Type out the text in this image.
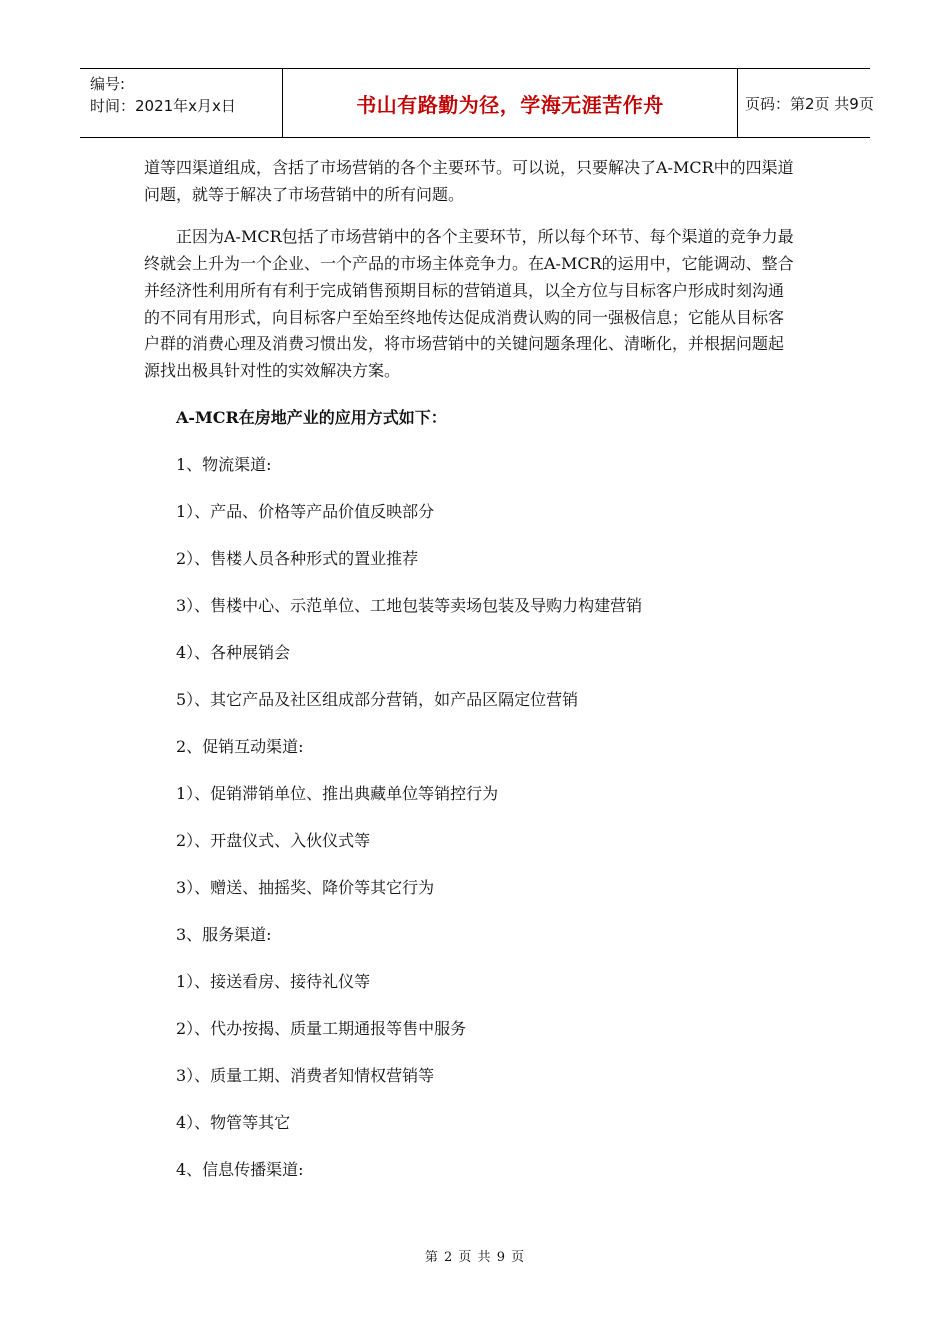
编号:
时间：2021年x月x日	书山有路勤为径，学海无涯苦作舟	页码：第2页 共9页

道等四渠道组成，含括了市场营销的各个主要环节。可以说，只要解决了A-MCR中的四渠道问题，就等于解决了市场营销中的所有问题。

正因为A-MCR包括了市场营销中的各个主要环节，所以每个环节、每个渠道的竞争力最终就会上升为一个企业、一个产品的市场主体竞争力。在A-MCR的运用中，它能调动、整合并经济性利用所有有利于完成销售预期目标的营销道具，以全方位与目标客户形成时刻沟通的不同有用形式，向目标客户至始至终地传达促成消费认购的同一强极信息；它能从目标客户群的消费心理及消费习惯出发，将市场营销中的关键问题条理化、清晰化，并根据问题起源找出极具针对性的实效解决方案。

A-MCR在房地产业的应用方式如下：

1、物流渠道:

1）、产品、价格等产品价值反映部分

2）、售楼人员各种形式的置业推荐

3）、售楼中心、示范单位、工地包装等卖场包装及导购力构建营销

4）、各种展销会

5）、其它产品及社区组成部分营销，如产品区隔定位营销

2、促销互动渠道:

1）、促销滞销单位、推出典藏单位等销控行为

2）、开盘仪式、入伙仪式等

3）、赠送、抽摇奖、降价等其它行为

3、服务渠道:

1）、接送看房、接待礼仪等

2）、代办按揭、质量工期通报等售中服务

3）、质量工期、消费者知情权营销等

4）、物管等其它

4、信息传播渠道:

第 2 页 共 9 页
